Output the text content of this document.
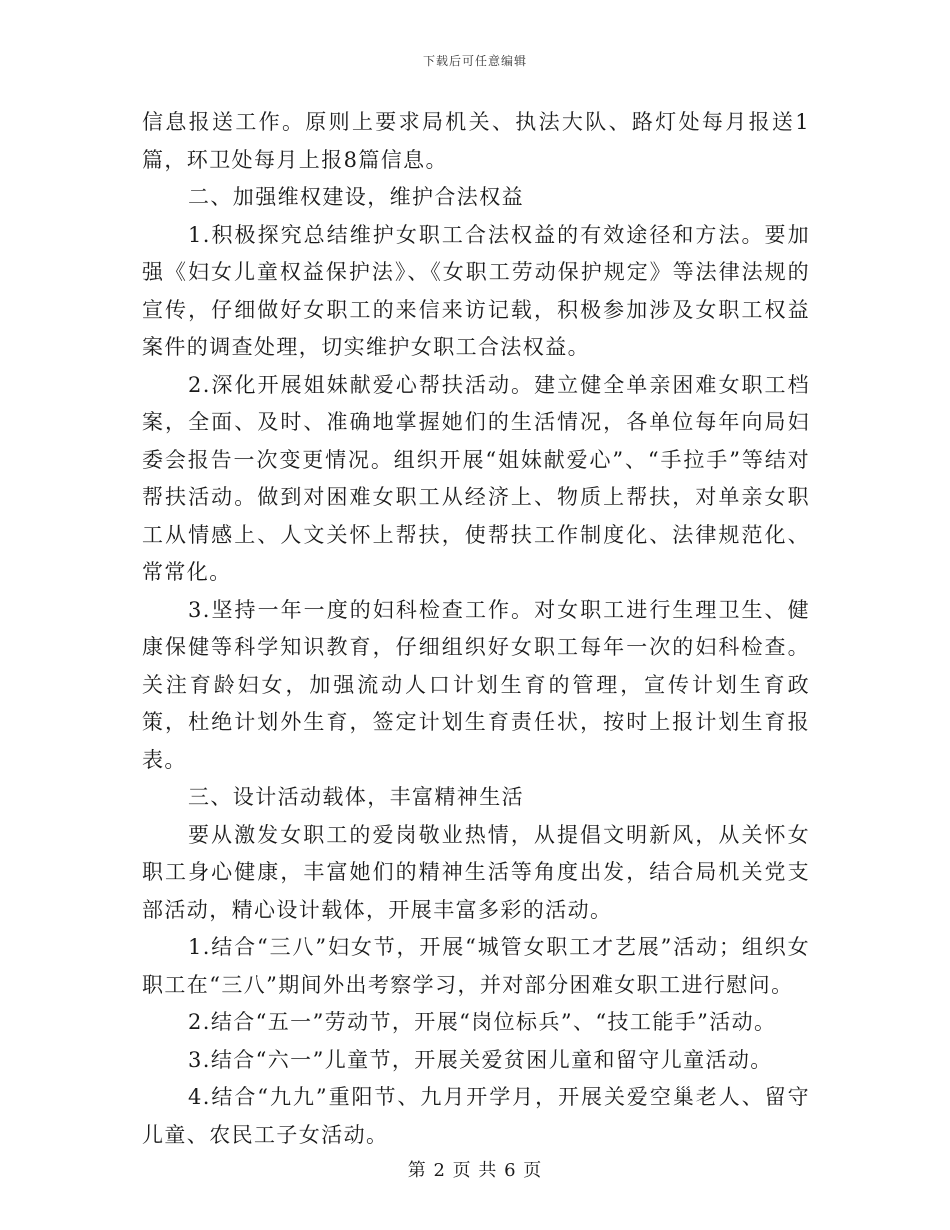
下载后可任意编辑

信息报送工作。原则上要求局机关、执法大队、路灯处每月报送1篇，环卫处每月上报8篇信息。

二、加强维权建设，维护合法权益

1.积极探究总结维护女职工合法权益的有效途径和方法。要加强《妇女儿童权益保护法》、《女职工劳动保护规定》等法律法规的宣传，仔细做好女职工的来信来访记载，积极参加涉及女职工权益案件的调查处理，切实维护女职工合法权益。

2.深化开展姐妹献爱心帮扶活动。建立健全单亲困难女职工档案，全面、及时、准确地掌握她们的生活情况，各单位每年向局妇委会报告一次变更情况。组织开展“姐妹献爱心”、“手拉手”等结对帮扶活动。做到对困难女职工从经济上、物质上帮扶，对单亲女职工从情感上、人文关怀上帮扶，使帮扶工作制度化、法律规范化、常常化。

3.坚持一年一度的妇科检查工作。对女职工进行生理卫生、健康保健等科学知识教育，仔细组织好女职工每年一次的妇科检查。关注育龄妇女，加强流动人口计划生育的管理，宣传计划生育政策，杜绝计划外生育，签定计划生育责任状，按时上报计划生育报表。

三、设计活动载体，丰富精神生活

要从激发女职工的爱岗敬业热情，从提倡文明新风，从关怀女职工身心健康，丰富她们的精神生活等角度出发，结合局机关党支部活动，精心设计载体，开展丰富多彩的活动。

1.结合“三八”妇女节，开展“城管女职工才艺展”活动；组织女职工在“三八”期间外出考察学习，并对部分困难女职工进行慰问。

2.结合“五一”劳动节，开展“岗位标兵”、“技工能手”活动。

3.结合“六一”儿童节，开展关爱贫困儿童和留守儿童活动。

4.结合“九九”重阳节、九月开学月，开展关爱空巢老人、留守儿童、农民工子女活动。

第 2 页 共 6 页
